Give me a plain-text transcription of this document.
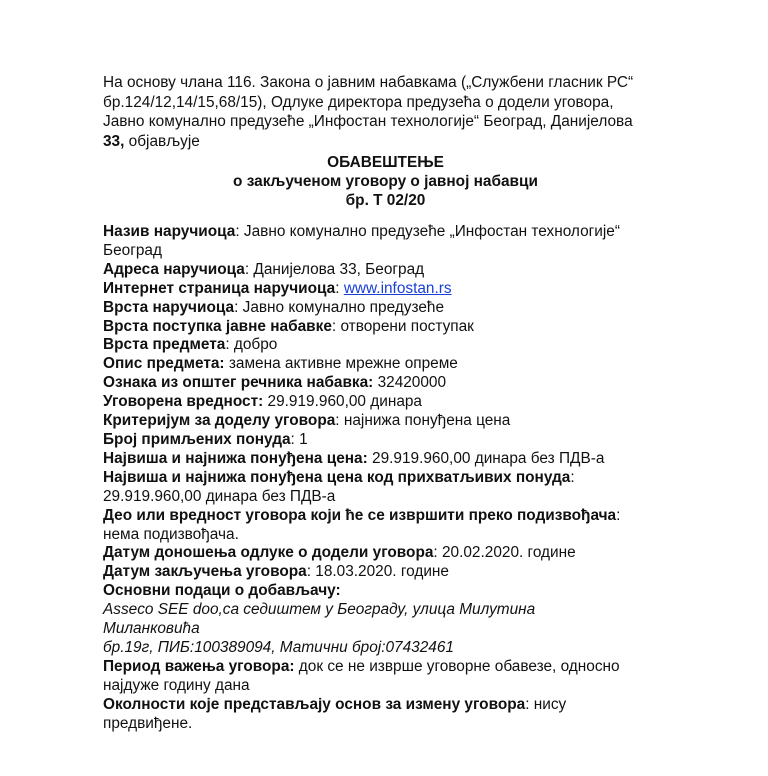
На основу члана 116. Закона о јавним набавкама („Службени гласник РС“
бр.124/12,14/15,68/15), Одлуке директора предузећа о додели уговора,
Јавно комунално предузеће „Инфостан технологије“ Београд, Данијелова
33, објављује
ОБАВЕШТЕЊЕ
о закљученом уговору о јавној набавци
бр. Т 02/20
Назив наручиоца: Јавно комунално предузеће „Инфостан технологије“
Београд
Адреса наручиоца: Данијелова 33, Београд
Интернет страница наручиоца: www.infostan.rs
Врста наручиоца: Јавно комунално предузеће
Врста поступка јавне набавке: отворени поступак
Врста предмета: добро
Опис предмета: замена активне мрежне опреме
Ознака из општег речника набавка: 32420000
Уговорена вредност: 29.919.960,00 динара
Критеријум за доделу уговора: најнижа понуђена цена
Број примљених понуда: 1
Највиша и најнижа понуђена цена: 29.919.960,00 динара без ПДВ-а
Највиша и најнижа понуђена цена код прихватљивих понуда:
29.919.960,00 динара без ПДВ-а
Део или вредност уговора који ће се извршити преко подизвођача:
нема подизвођача.
Датум доношења одлуке о додели уговора: 20.02.2020. године
Датум закључења уговора: 18.03.2020. године
Основни подаци о добављачу:
Assecо SEE doo,са седиштем у Београду, улица Милутина
Миланковића
бр.19г, ПИБ:100389094, Матични број:07432461
Период важења уговора: док се не изврше уговорне обавезе, односно
најдуже годину дана
Околности које представљају основ за измену уговора: нису
предвиђене.
